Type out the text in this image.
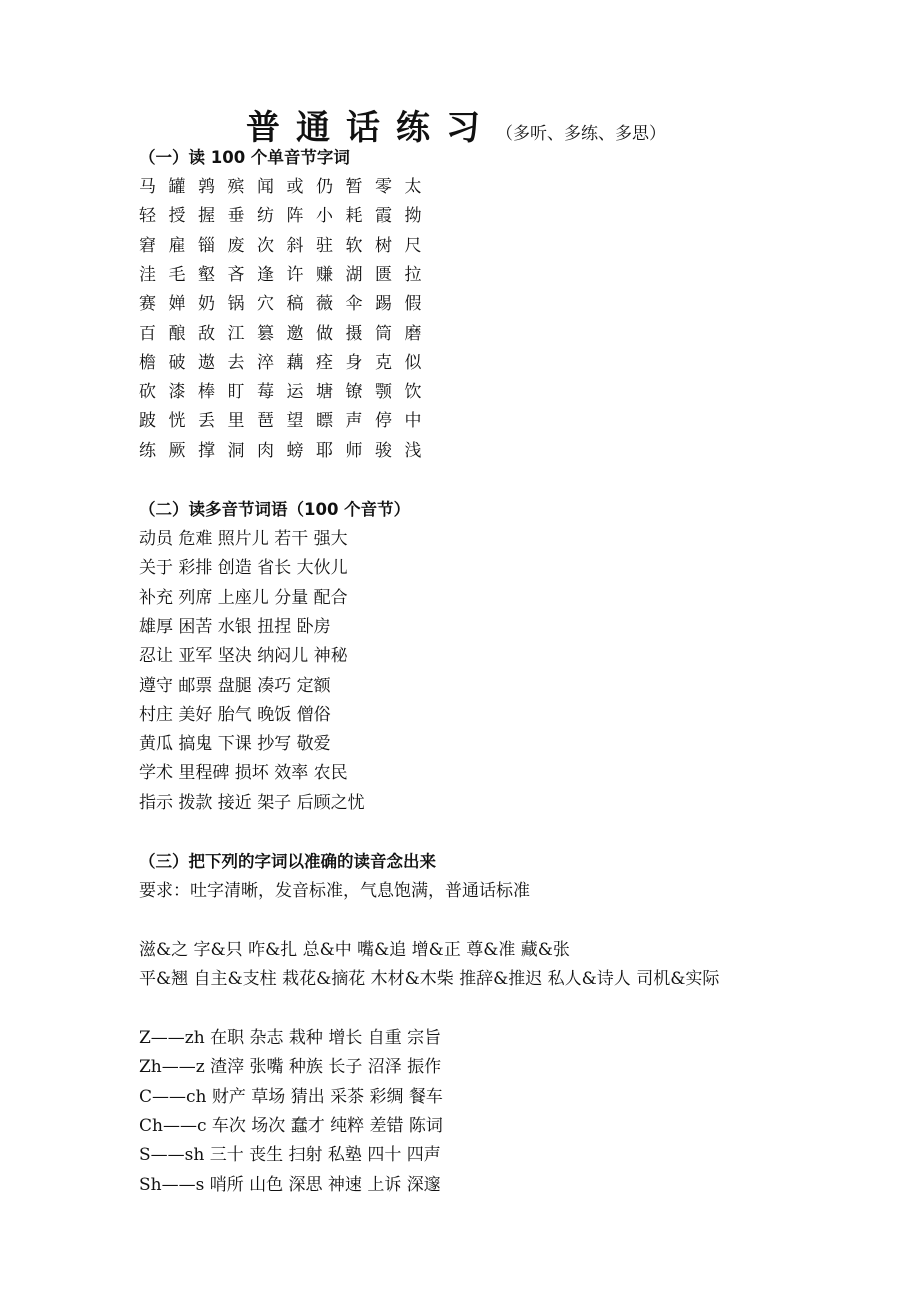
普通话练习（多听、多练、多思）
（一）读 100 个单音节字词
（二）读多音节词语（100 个音节）
（三）把下列的字词以准确的读音念出来
要求：吐字清晰，发音标准，气息饱满，普通话标准
马 罐 鹑 殡 闻 或 仍 暂 零 太
轻 授 握 垂 纺 阵 小 耗 霞 拗
窘 雇 锱 废 次 斜 驻 软 树 尺
洼 毛 壑 吝 逢 许 赚 湖 匮 拉
赛 婵 奶 锅 穴 稿 薇 伞 踢 假
百 酿 敌 江 篡 邀 做 摄 筒 磨
檐 破 遨 去 淬 藕 痊 身 克 似
砍 漆 棒 盯 莓 运 塘 镣 颚 饮
跛 恍 丢 里 琶 望 瞟 声 停 中
练 厥 撑 洞 肉 螃 耶 师 骏 浅
动员 危难 照片儿 若干 强大
关于 彩排 创造 省长 大伙儿
补充 列席 上座儿 分量 配合
雄厚 困苦 水银 扭捏 卧房
忍让 亚军 坚决 纳闷儿 神秘
遵守 邮票 盘腿 凑巧 定额
村庄 美好 胎气 晚饭 僧俗
黄瓜 搞鬼 下课 抄写 敬爱
学术 里程碑 损坏 效率 农民
指示 拨款 接近 架子 后顾之忧
滋&之 字&只 咋&扎 总&中 嘴&追 增&正 尊&准 藏&张
平&翘 自主&支柱 栽花&摘花 木材&木柴 推辞&推迟 私人&诗人 司机&实际
Z——zh 在职 杂志 栽种 增长 自重 宗旨
Zh——z 渣滓 张嘴 种族 长子 沼泽 振作
C——ch 财产 草场 猜出 采茶 彩绸 餐车
Ch——c 车次 场次 蠢才 纯粹 差错 陈词
S——sh 三十 丧生 扫射 私塾 四十 四声
Sh——s 哨所 山色 深思 神速 上诉 深邃
